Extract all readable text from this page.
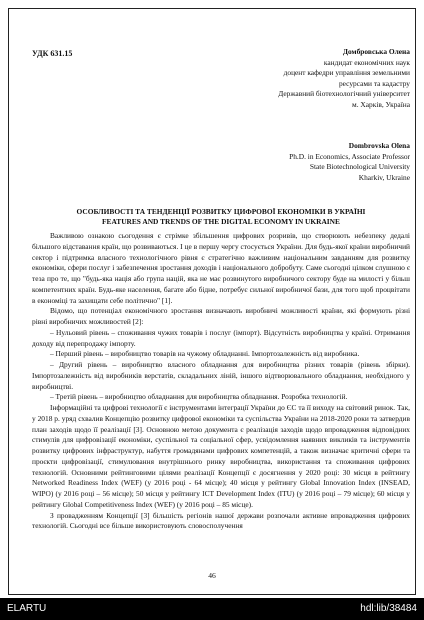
УДК 631.15	Домбровська Олена
кандидат економічних наук
доцент кафедри управління земельними
ресурсами та кадастру
Державний біотехнологічний університет
м. Харків, Україна
Dombrovska Olena
Ph.D. in Economics, Associate Professor
State Biotechnological University
Kharkiv, Ukraine
ОСОБЛИВОСТІ ТА ТЕНДЕНЦІЇ РОЗВИТКУ ЦИФРОВОЇ ЕКОНОМІКИ В УКРАЇНІ
FEATURES AND TRENDS OF THE DIGITAL ECONOMY IN UKRAINE

Важливою ознакою сьогодення є стрімке збільшення цифрових розривів, що створюють небезпеку дедалі більшого відставання країн, що розвиваються. І це в першу чергу стосується України. Для будь-якої країни виробничий сектор і підтримка власного технологічного рівня є стратегічно важливим національним завданням для розвитку економіки, сфери послуг і забезпечення зростання доходів і національного добробуту. Саме сьогодні цілком слушною є теза про те, що "будь-яка нація або група націй, яка не має розвинутого виробничого сектору буде на милості у більш компетентних країн. Будь-яке населення, багате або бідне, потребує сильної виробничої бази, для того щоб процвітати в економіці та захищати себе політично" [1].

Відомо, що потенціал економічного зростання визначають виробничі можливості країни, які формують різні рівні виробничих можливостей [2]:

– Нульовий рівень – споживання чужих товарів і послуг (імпорт). Відсутність виробництва у країні. Отримання доходу від перепродажу імпорту.

– Перший рівень – виробництво товарів на чужому обладнанні. Імпортозалежність від виробника.

– Другий рівень – виробництво власного обладнання для виробництва різних товарів (рівень збірки). Імпортозалежність від виробників верстатів, складальних ліній, іншого відтворювального обладнання, необхідного у виробництві.

– Третій рівень – виробництво обладнання для виробництва обладнання. Розробка технологій.

Інформаційні та цифрові технології є інструментами інтеграції України до ЄС та її виходу на світовий ринок. Так, у 2018 р. уряд схвалив Концепцію розвитку цифрової економіки та суспільства України на 2018-2020 роки та затвердив план заходів щодо її реалізації [3]. Основною метою документа є реалізація заходів щодо впровадження відповідних стимулів для цифровізації економіки, суспільної та соціальної сфер, усвідомлення наявних викликів та інструментів розвитку цифрових інфраструктур, набуття громадянами цифрових компетенцій, а також визначає критичні сфери та проєкти цифровізації, стимулювання внутрішнього ринку виробництва, використання та споживання цифрових технологій. Основними рейтинговими цілями реалізації Концепції є досягнення у 2020 році: 30 місця в рейтингу Networked Readiness Index (WEF) (у 2016 році - 64 місце); 40 місця у рейтингу Global Innovation Index (INSEAD, WIPO) (у 2016 році – 56 місце); 50 місця у рейтингу ICT Development Index (ITU) (у 2016 році – 79 місце); 60 місця у рейтингу Global Competitiveness Index (WEF) (у 2016 році – 85 місце).

З провадженням Концепції [3] більшість регіонів нашої держави розпочали активне впровадження цифрових технологій. Сьогодні все більше використовують словосполучення

46
ELARTU	hdl:lib/38484
